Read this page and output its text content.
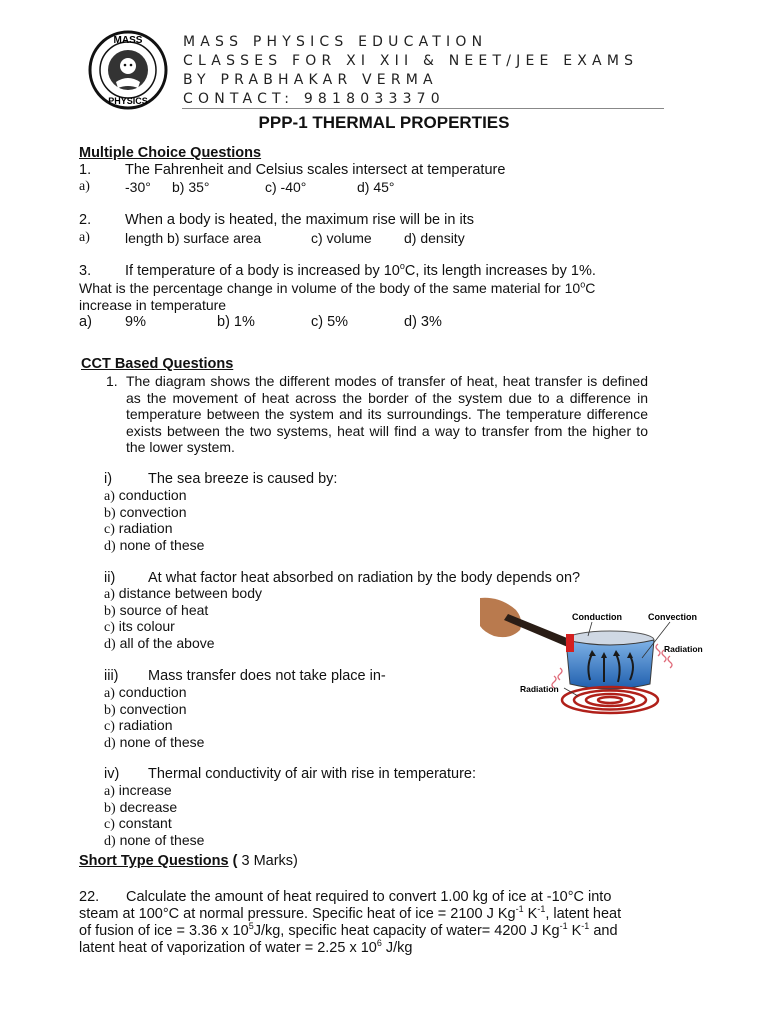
MASS
PHYSICS
MASS PHYSICS EDUCATION
CLASSES FOR XI XII & NEET/JEE EXAMS
BY PRABHAKAR VERMA
CONTACT: 9818033370
PPP-1 THERMAL PROPERTIES
Multiple Choice Questions
1. The Fahrenheit and Celsius scales intersect at temperature
a)	-30° b) 35°	c) -40°	d) 45°
2. When a body is heated, the maximum rise will be in its
a)	length b) surface area	c) volume d) density
3. If temperature of a body is increased by 10$^o$C, its length increases by 1%.
What is the percentage change in volume of the body of the same material for 10$^o$C
increase in temperature
a) 9%	b) 1%	c) 5%	d) 3%
CCT Based Questions
1. The diagram shows the different modes of transfer of heat, heat transfer is defined as the movement of heat across the border of the system due to a difference in temperature between the system and its surroundings. The temperature difference exists between the two systems, heat will find a way to transfer from the higher to the lower system.
i) The sea breeze is caused by:
a) conduction
b) convection
c) radiation
d) none of these
ii) At what factor heat absorbed on radiation by the body depends on?
a) distance between body
b) source of heat
c) its colour
d) all of the above
iii) Mass transfer does not take place in-
a) conduction
b) convection
c) radiation
d) none of these
iv) Thermal conductivity of air with rise in temperature:
a) increase
b) decrease
c) constant
d) none of these
Conduction	Convection
Radiation
Radiation
Short Type Questions ( 3 Marks)
22. Calculate the amount of heat required to convert 1.00 kg of ice at -10°C into
steam at 100°C at normal pressure. Specific heat of ice = 2100 J $Kg^{-1}$ $K^{-1}$, latent heat
of fusion of ice = 3.36 x $10^5J/kg$, specific heat capacity of water= 4200 J $Kg^{-1}$ $K^{-1}$ and
latent heat of vaporization of water = 2.25 x $10^6$ J/kg
